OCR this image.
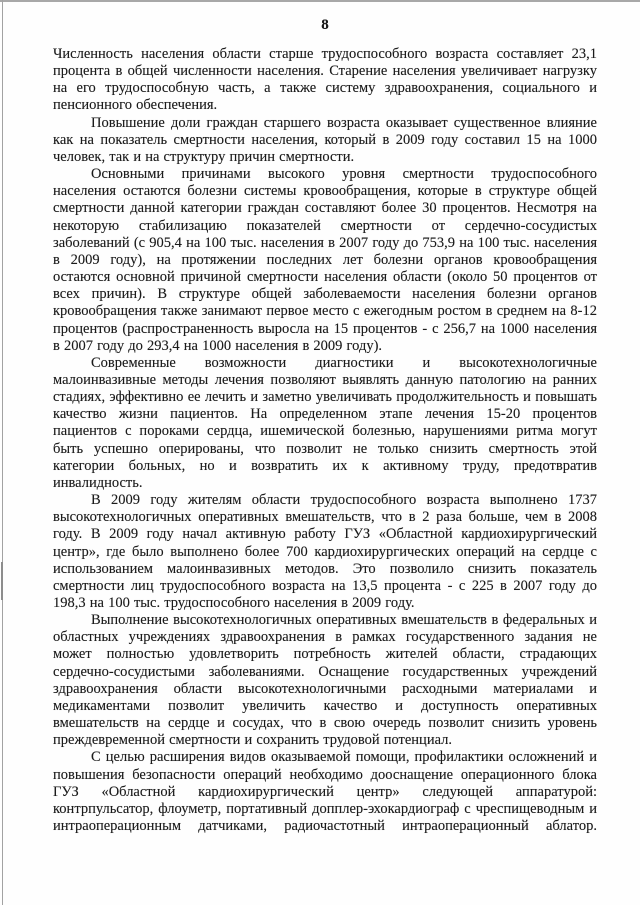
8

Численность населения области старше трудоспособного возраста составляет 23,1 процента в общей численности населения. Старение населения увеличивает нагрузку на его трудоспособную часть, а также систему здравоохранения, социального и пенсионного обеспечения.

Повышение доли граждан старшего возраста оказывает существенное влияние как на показатель смертности населения, который в 2009 году составил 15 на 1000 человек, так и на структуру причин смертности.

Основными причинами высокого уровня смертности трудоспособного населения остаются болезни системы кровообращения, которые в структуре общей смертности данной категории граждан составляют более 30 процентов. Несмотря на некоторую стабилизацию показателей смертности от сердечно-сосудистых заболеваний (с 905,4 на 100 тыс. населения в 2007 году до 753,9 на 100 тыс. населения в 2009 году), на протяжении последних лет болезни органов кровообращения остаются основной причиной смертности населения области (около 50 процентов от всех причин). В структуре общей заболеваемости населения болезни органов кровообращения также занимают первое место с ежегодным ростом в среднем на 8-12 процентов (распространенность выросла на 15 процентов - с 256,7 на 1000 населения в 2007 году до 293,4 на 1000 населения в 2009 году).

Современные возможности диагностики и высокотехнологичные малоинвазивные методы лечения позволяют выявлять данную патологию на ранних стадиях, эффективно ее лечить и заметно увеличивать продолжительность и повышать качество жизни пациентов. На определенном этапе лечения 15-20 процентов пациентов с пороками сердца, ишемической болезнью, нарушениями ритма могут быть успешно оперированы, что позволит не только снизить смертность этой категории больных, но и возвратить их к активному труду, предотвратив инвалидность.

В 2009 году жителям области трудоспособного возраста выполнено 1737 высокотехнологичных оперативных вмешательств, что в 2 раза больше, чем в 2008 году. В 2009 году начал активную работу ГУЗ «Областной кардиохирургический центр», где было выполнено более 700 кардиохирургических операций на сердце с использованием малоинвазивных методов. Это позволило снизить показатель смертности лиц трудоспособного возраста на 13,5 процента - с 225 в 2007 году до 198,3 на 100 тыс. трудоспособного населения в 2009 году.

Выполнение высокотехнологичных оперативных вмешательств в федеральных и областных учреждениях здравоохранения в рамках государственного задания не может полностью удовлетворить потребность жителей области, страдающих сердечно-сосудистыми заболеваниями. Оснащение государственных учреждений здравоохранения области высокотехнологичными расходными материалами и медикаментами позволит увеличить качество и доступность оперативных вмешательств на сердце и сосудах, что в свою очередь позволит снизить уровень преждевременной смертности и сохранить трудовой потенциал.

С целью расширения видов оказываемой помощи, профилактики осложнений и повышения безопасности операций необходимо дооснащение операционного блока ГУЗ «Областной кардиохирургический центр» следующей аппаратурой: контрпульсатор, флоуметр, портативный допплер-эхокардиограф с чреспищеводным и интраоперационным датчиками, радиочастотный интраоперационный аблатор.
